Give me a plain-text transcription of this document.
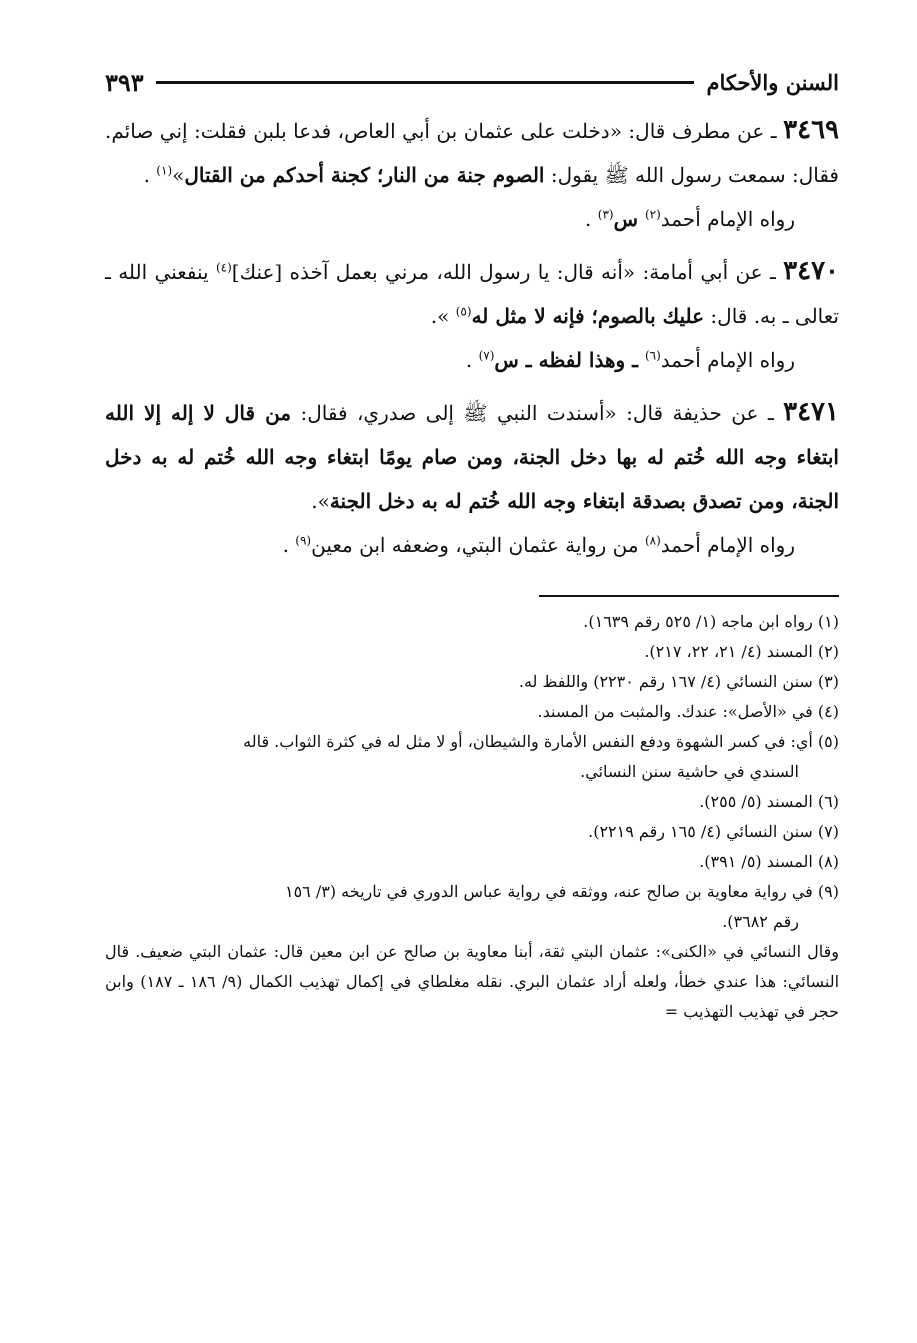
السنن والأحكام
٣٩٣
٣٤٦٩ ـ عن مطرف قال: «دخلت على عثمان بن أبي العاص، فدعا بلبن فقلت: إني صائم. فقال: سمعت رسول الله ﷺ يقول: الصوم جنة من النار؛ كجنة أحدكم من القتال»$^{(١)}$ .
رواه الإمام أحمد$^{(٢)}$ س$^{(٣)}$ .
٣٤٧٠ ـ عن أبي أمامة: «أنه قال: يا رسول الله، مرني بعمل آخذه [عنك]$^{(٤)}$ ينفعني الله ـ تعالى ـ به. قال: عليك بالصوم؛ فإنه لا مثل له$^{(٥)}$ ».
رواه الإمام أحمد$^{(٦)}$ ـ وهذا لفظه ـ س$^{(٧)}$ .
٣٤٧١ ـ عن حذيفة قال: «أسندت النبي ﷺ إلى صدري، فقال: من قال لا إله إلا الله ابتغاء وجه الله خُتم له بها دخل الجنة، ومن صام يومًا ابتغاء وجه الله خُتم له به دخل الجنة، ومن تصدق بصدقة ابتغاء وجه الله خُتم له به دخل الجنة».
رواه الإمام أحمد$^{(٨)}$ من رواية عثمان البتي، وضعفه ابن معين$^{(٩)}$ .
(١) رواه ابن ماجه (١/ ٥٢٥ رقم ١٦٣٩).
(٢) المسند (٤/ ٢١، ٢٢، ٢١٧).
(٣) سنن النسائي (٤/ ١٦٧ رقم ٢٢٣٠) واللفظ له.
(٤) في «الأصل»: عندك. والمثبت من المسند.
(٥) أي: في كسر الشهوة ودفع النفس الأمارة والشيطان، أو لا مثل له في كثرة الثواب. قاله
السندي في حاشية سنن النسائي.
(٦) المسند (٥/ ٢٥٥).
(٧) سنن النسائي (٤/ ١٦٥ رقم ٢٢١٩).
(٨) المسند (٥/ ٣٩١).
(٩) في رواية معاوية بن صالح عنه، ووثقه في رواية عباس الدوري في تاريخه (٣/ ١٥٦
رقم ٣٦٨٢).
وقال النسائي في «الكنى»: عثمان البتي ثقة، أبنا معاوية بن صالح عن ابن معين قال: عثمان البتي ضعيف. قال النسائي: هذا عندي خطأ، ولعله أراد عثمان البري. نقله مغلطاي في إكمال تهذيب الكمال (٩/ ١٨٦ ـ ١٨٧) وابن حجر في تهذيب التهذيب =
